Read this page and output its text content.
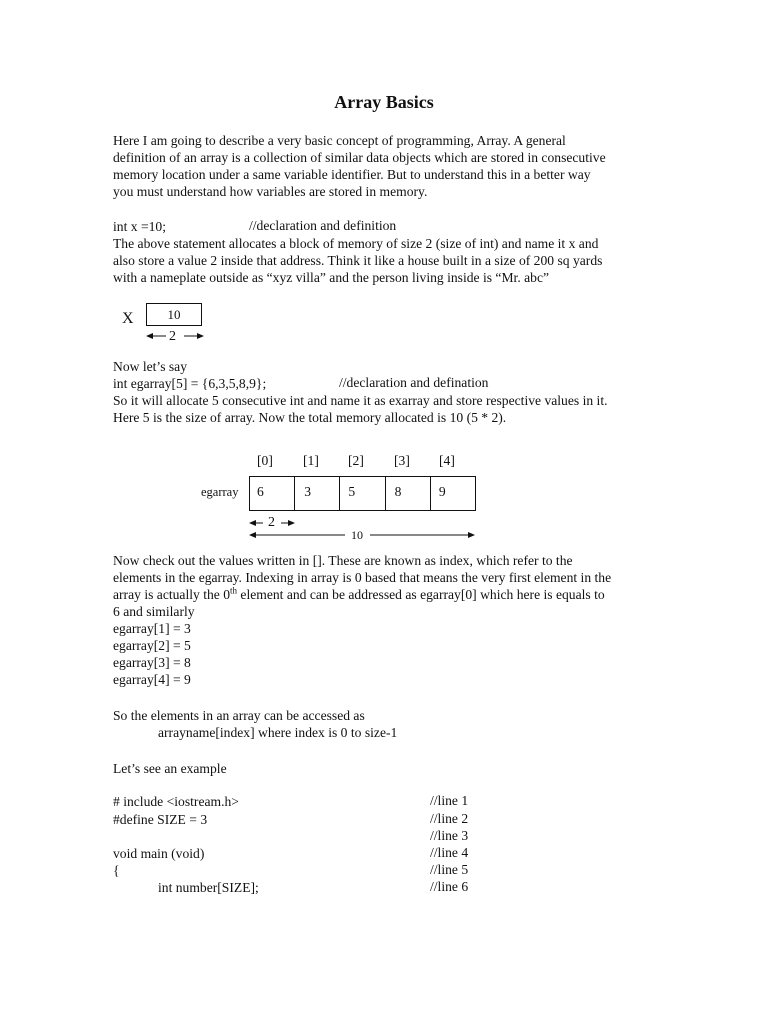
Array Basics
Here I am going to describe a very basic concept of programming, Array. A general
definition of an array is a collection of similar data objects which are stored in consecutive
memory location under a same variable identifier. But to understand this in a better way
you must understand how variables are stored in memory.
int x =10;	//declaration and definition
The above statement allocates a block of memory of size 2 (size of int) and name it x and
also store a value 2 inside that address. Think it like a house built in a size of 200 sq yards
with a nameplate outside as “xyz villa” and the person living inside is “Mr. abc”
X	10
2
Now let’s say
int egarray[5] = {6,3,5,8,9};	//declaration and defination
So it will allocate 5 consecutive int and name it as exarray and store respective values in it.
Here 5 is the size of array. Now the total memory allocated is 10 (5 * 2).
[0] [1] [2] [3] [4]
egarray 6	3	5	8	9
2
10
Now check out the values written in []. These are known as index, which refer to the
elements in the egarray. Indexing in array is 0 based that means the very first element in the
array is actually the 0th element and can be addressed as egarray[0] which here is equals to
6 and similarly
egarray[1] = 3
egarray[2] = 5
egarray[3] = 8
egarray[4] = 9
So the elements in an array can be accessed as
arrayname[index] where index is 0 to size-1
Let’s see an example
# include <iostream.h>	//line 1
#define SIZE = 3	//line 2
//line 3
void main (void)	//line 4
{	//line 5
int number[SIZE];	//line 6
